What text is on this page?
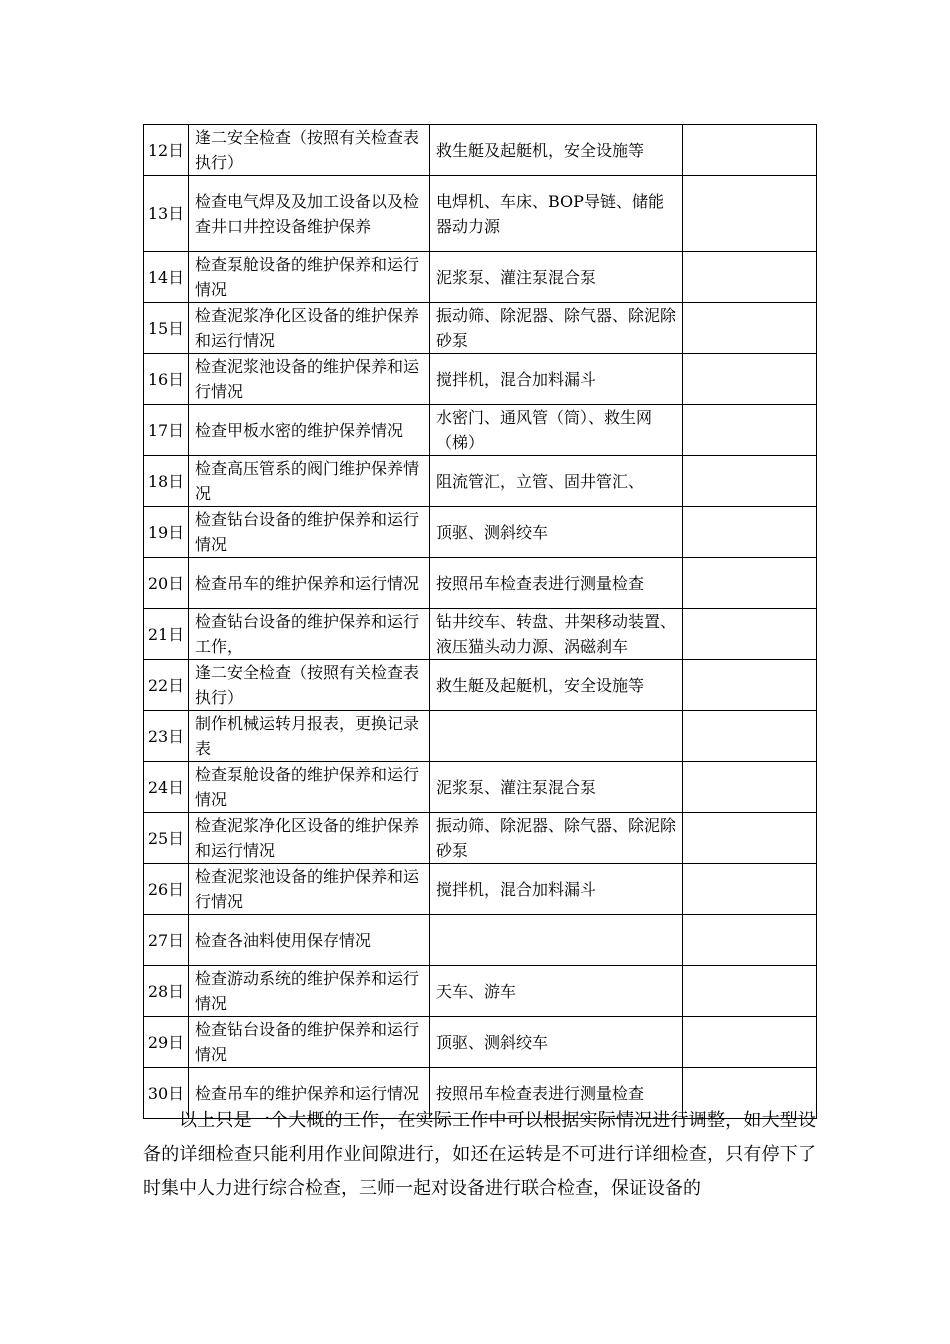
12日	逢二安全检查（按照有关检查表执行）	救生艇及起艇机，安全设施等	
13日	检查电气焊及及加工设备以及检查井口井控设备维护保养	电焊机、车床、BOP导链、储能器动力源	
14日	检查泵舱设备的维护保养和运行情况	泥浆泵、灌注泵混合泵	
15日	检查泥浆净化区设备的维护保养和运行情况	振动筛、除泥器、除气器、除泥除砂泵	
16日	检查泥浆池设备的维护保养和运行情况	搅拌机，混合加料漏斗	
17日	检查甲板水密的维护保养情况	水密门、通风管（筒）、救生网（梯）	
18日	检查高压管系的阀门维护保养情况	阻流管汇，立管、固井管汇、	
19日	检查钻台设备的维护保养和运行情况	顶驱、测斜绞车	
20日	检查吊车的维护保养和运行情况	按照吊车检查表进行测量检查	
21日	检查钻台设备的维护保养和运行工作，	钻井绞车、转盘、井架移动装置、液压猫头动力源、涡磁刹车	
22日	逢二安全检查（按照有关检查表执行）	救生艇及起艇机，安全设施等	
23日	制作机械运转月报表，更换记录表		
24日	检查泵舱设备的维护保养和运行情况	泥浆泵、灌注泵混合泵	
25日	检查泥浆净化区设备的维护保养和运行情况	振动筛、除泥器、除气器、除泥除砂泵	
26日	检查泥浆池设备的维护保养和运行情况	搅拌机，混合加料漏斗	
27日	检查各油料使用保存情况		
28日	检查游动系统的维护保养和运行情况	天车、游车	
29日	检查钻台设备的维护保养和运行情况	顶驱、测斜绞车	
30日	检查吊车的维护保养和运行情况	按照吊车检查表进行测量检查	

以上只是一个大概的工作，在实际工作中可以根据实际情况进行调整，如大型设备的详细检查只能利用作业间隙进行，如还在运转是不可进行详细检查，只有停下了时集中人力进行综合检查，三师一起对设备进行联合检查，保证设备的
